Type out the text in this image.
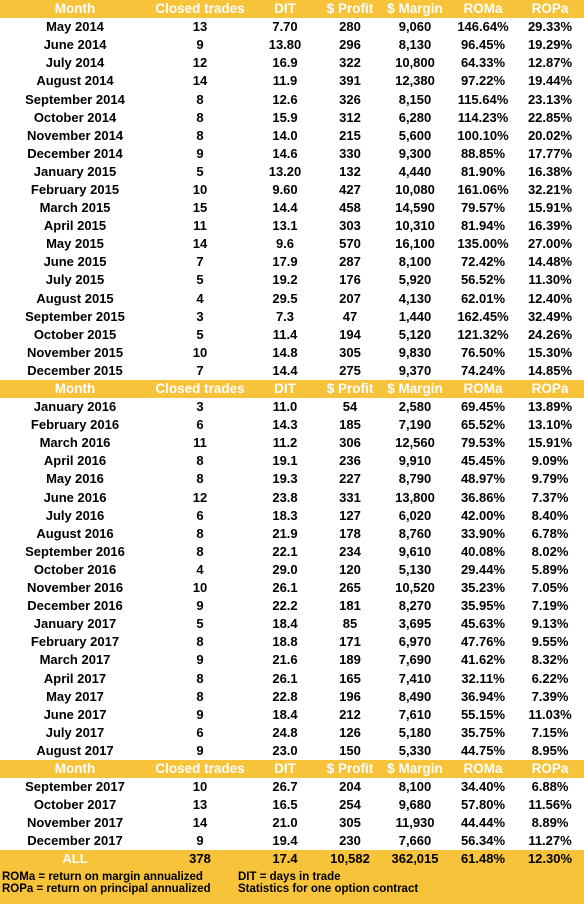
Month	Closed trades	DIT	$ Profit	$ Margin	ROMa	ROPa
May 2014	13	7.70	280	9,060	146.64%	29.33%
June 2014	9	13.80	296	8,130	96.45%	19.29%
July 2014	12	16.9	322	10,800	64.33%	12.87%
August 2014	14	11.9	391	12,380	97.22%	19.44%
September 2014	8	12.6	326	8,150	115.64%	23.13%
October 2014	8	15.9	312	6,280	114.23%	22.85%
November 2014	8	14.0	215	5,600	100.10%	20.02%
December 2014	9	14.6	330	9,300	88.85%	17.77%
January 2015	5	13.20	132	4,440	81.90%	16.38%
February 2015	10	9.60	427	10,080	161.06%	32.21%
March 2015	15	14.4	458	14,590	79.57%	15.91%
April 2015	11	13.1	303	10,310	81.94%	16.39%
May 2015	14	9.6	570	16,100	135.00%	27.00%
June 2015	7	17.9	287	8,100	72.42%	14.48%
July 2015	5	19.2	176	5,920	56.52%	11.30%
August 2015	4	29.5	207	4,130	62.01%	12.40%
September 2015	3	7.3	47	1,440	162.45%	32.49%
October 2015	5	11.4	194	5,120	121.32%	24.26%
November 2015	10	14.8	305	9,830	76.50%	15.30%
December 2015	7	14.4	275	9,370	74.24%	14.85%
Month	Closed trades	DIT	$ Profit	$ Margin	ROMa	ROPa
January 2016	3	11.0	54	2,580	69.45%	13.89%
February 2016	6	14.3	185	7,190	65.52%	13.10%
March 2016	11	11.2	306	12,560	79.53%	15.91%
April 2016	8	19.1	236	9,910	45.45%	9.09%
May 2016	8	19.3	227	8,790	48.97%	9.79%
June 2016	12	23.8	331	13,800	36.86%	7.37%
July 2016	6	18.3	127	6,020	42.00%	8.40%
August 2016	8	21.9	178	8,760	33.90%	6.78%
September 2016	8	22.1	234	9,610	40.08%	8.02%
October 2016	4	29.0	120	5,130	29.44%	5.89%
November 2016	10	26.1	265	10,520	35.23%	7.05%
December 2016	9	22.2	181	8,270	35.95%	7.19%
January 2017	5	18.4	85	3,695	45.63%	9.13%
February 2017	8	18.8	171	6,970	47.76%	9.55%
March 2017	9	21.6	189	7,690	41.62%	8.32%
April 2017	8	26.1	165	7,410	32.11%	6.22%
May 2017	8	22.8	196	8,490	36.94%	7.39%
June 2017	9	18.4	212	7,610	55.15%	11.03%
July 2017	6	24.8	126	5,180	35.75%	7.15%
August 2017	9	23.0	150	5,330	44.75%	8.95%
Month	Closed trades	DIT	$ Profit	$ Margin	ROMa	ROPa
September 2017	10	26.7	204	8,100	34.40%	6.88%
October 2017	13	16.5	254	9,680	57.80%	11.56%
November 2017	14	21.0	305	11,930	44.44%	8.89%
December 2017	9	19.4	230	7,660	56.34%	11.27%
ALL	378	17.4	10,582	362,015	61.48%	12.30%
ROMa = return on margin annualized	DIT = days in trade
ROPa = return on principal annualized Statistics for one option contract
